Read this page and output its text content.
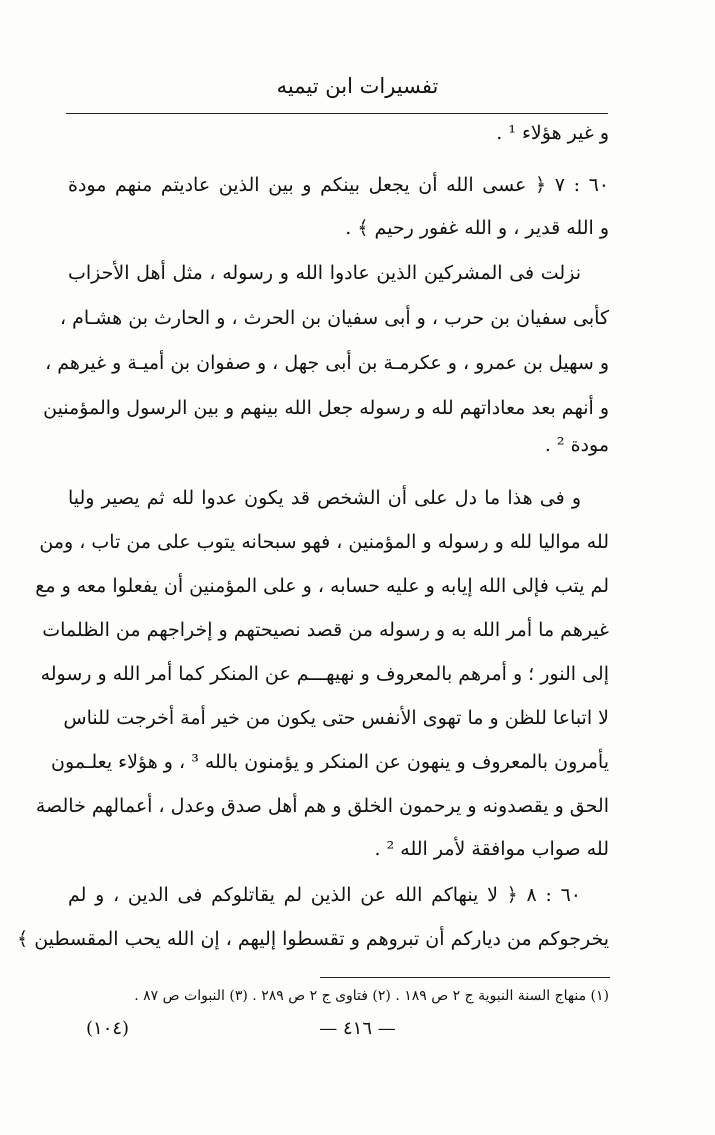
تفسيرات ابن تيميه
و غير هؤلاء ¹ .
٦٠ : ٧ ﴿ عسى الله أن يجعل بينكم و بين الذين عاديتم منهم مودة
و الله قدير ، و الله غفور رحيم ﴾ .
نزلت فى المشركين الذين عادوا الله و رسوله ، مثل أهل الأحزاب
كأبى سفيان بن حرب ، و أبى سفيان بن الحرث ، و الحارث بن هشـام ،
و سهيل بن عمرو ، و عكرمـة بن أبى جهل ، و صفوان بن أميـة و غيرهم ،
و أنهم بعد معاداتهم لله و رسوله جعل الله بينهم و بين الرسول والمؤمنين
مودة ² .
و فى هذا ما دل على أن الشخص قد يكون عدوا لله ثم يصير وليا
لله مواليا لله و رسوله و المؤمنين ، فهو سبحانه يتوب على من تاب ، ومن
لم يتب فإلى الله إيابه و عليه حسابه ، و على المؤمنين أن يفعلوا معه و مع
غيرهم ما أمر الله به و رسوله من قصد نصيحتهم و إخراجهم من الظلمات
إلى النور ؛ و أمرهم بالمعروف و نهيهـــم عن المنكر كما أمر الله و رسوله
لا اتباعا للظن و ما تهوى الأنفس حتى يكون من خير أمة أخرجت للناس
يأمرون بالمعروف و ينهون عن المنكر و يؤمنون بالله ³ ، و هؤلاء يعلـمون
الحق و يقصدونه و يرحمون الخلق و هم أهل صدق وعدل ، أعمالهم خالصة
لله صواب موافقة لأمر الله ² .
٦٠ : ٨ ﴿ لا ينهاكم الله عن الذين لم يقاتلوكم فى الدين ، و لم
يخرجوكم من دياركم أن تبروهم و تقسطوا إليهم ، إن الله يحب المقسطين ﴾
(١) منهاج السنة النبوية ج ٢ ص ١٨٩ . (٢) فتاوى ج ٢ ص ٢٨٩ . (٣) النبوات ص ٨٧ .
(١٠٤)	— ٤١٦ —
